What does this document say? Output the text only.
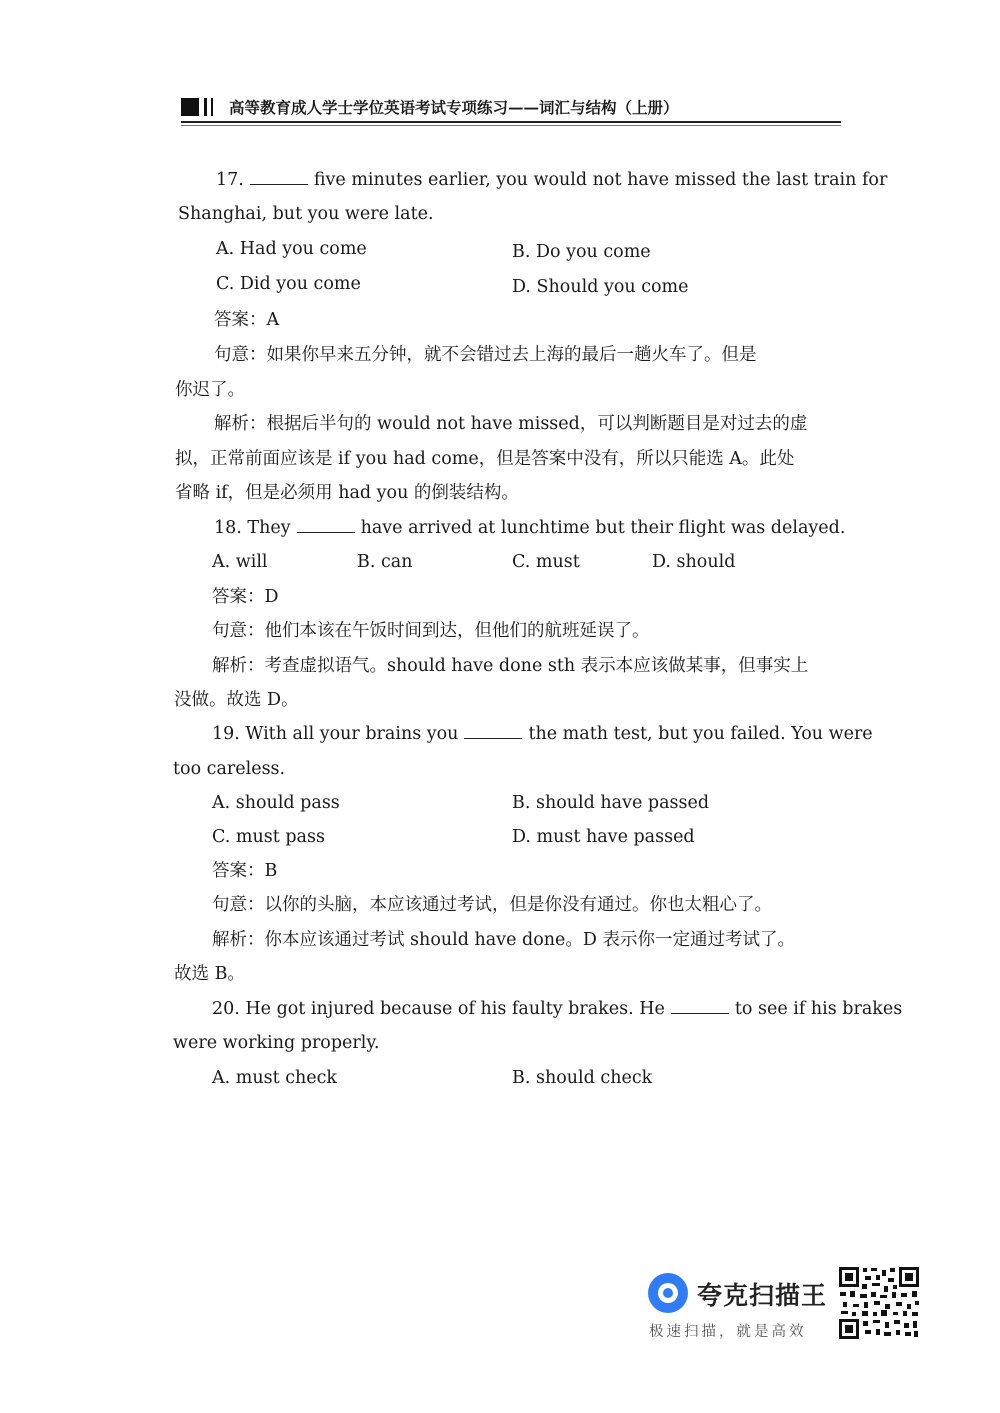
高等教育成人学士学位英语考试专项练习——词汇与结构（上册）
17.	five minutes earlier, you would not have missed the last train for
Shanghai, but you were late.
A. Had you come	B. Do you come
C. Did you come	D. Should you come
答案：A
句意：如果你早来五分钟，就不会错过去上海的最后一趟火车了。但是
你迟了。
解析：根据后半句的 would not have missed，可以判断题目是对过去的虚
拟，正常前面应该是 if you had come，但是答案中没有，所以只能选 A。此处
省略 if，但是必须用 had you 的倒装结构。
18. They	have arrived at lunchtime but their flight was delayed.
A. will	B. can	C. must	D. should
答案：D
句意：他们本该在午饭时间到达，但他们的航班延误了。
解析：考查虚拟语气。should have done sth 表示本应该做某事，但事实上
没做。故选 D。
19. With all your brains you	the math test, but you failed. You were
too careless.
A. should pass	B. should have passed
C. must pass	D. must have passed
答案：B
句意：以你的头脑，本应该通过考试，但是你没有通过。你也太粗心了。
解析：你本应该通过考试 should have done。D 表示你一定通过考试了。
故选 B。
20. He got injured because of his faulty brakes. He	to see if his brakes
were working properly.
A. must check	B. should check
夸克扫描王
极速扫描，就是高效
